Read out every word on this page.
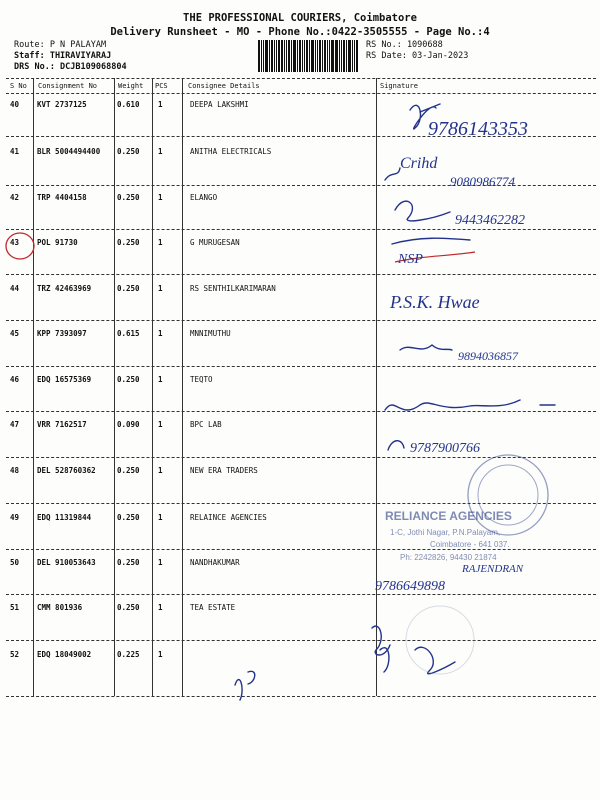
THE PROFESSIONAL COURIERS, Coimbatore
Delivery Runsheet - MO - Phone No.:0422-3505555 - Page No.:4
Route: P N PALAYAM
Staff: THIRAVIYARAJ
DRS No.: DCJB109068804
RS No.: 1090688
RS Date: 03-Jan-2023
S No Consignment No	Weight PCS	Consignee Details	Signature
40 KVT 2737125	0.610 1	DEEPA LAKSHMI
41 BLR 5004494400 0.250 1	ANITHA ELECTRICALS
42 TRP 4404158	0.250 1	ELANGO
43 POL 91730	0.250 1	G MURUGESAN
44 TRZ 42463969	0.250 1	RS SENTHILKARIMARAN
45 KPP 7393097	0.615 1	MNNIMUTHU
46 EDQ 16575369	0.250 1	TEQTO
47 VRR 7162517	0.090 1	BPC LAB
48 DEL 528760362	0.250 1	NEW ERA TRADERS
49 EDQ 11319844	0.250 1	RELAINCE AGENCIES
50 DEL 910053643	0.250 1	NANDHAKUMAR
51 CMM 801936	0.250 1	TEA ESTATE
52 EDQ 18049002	0.225 1
9786143353
Crihd
9080986774
9443462282
NSP
P.S.K. Hwae
9894036857
9787900766
RAJENDRAN
9786649898
RELIANCE AGENCIES
1-C, Jothi Nagar, P.N.Palayam,
Coimbatore - 641 037.
Ph: 2242826, 94430 21874
